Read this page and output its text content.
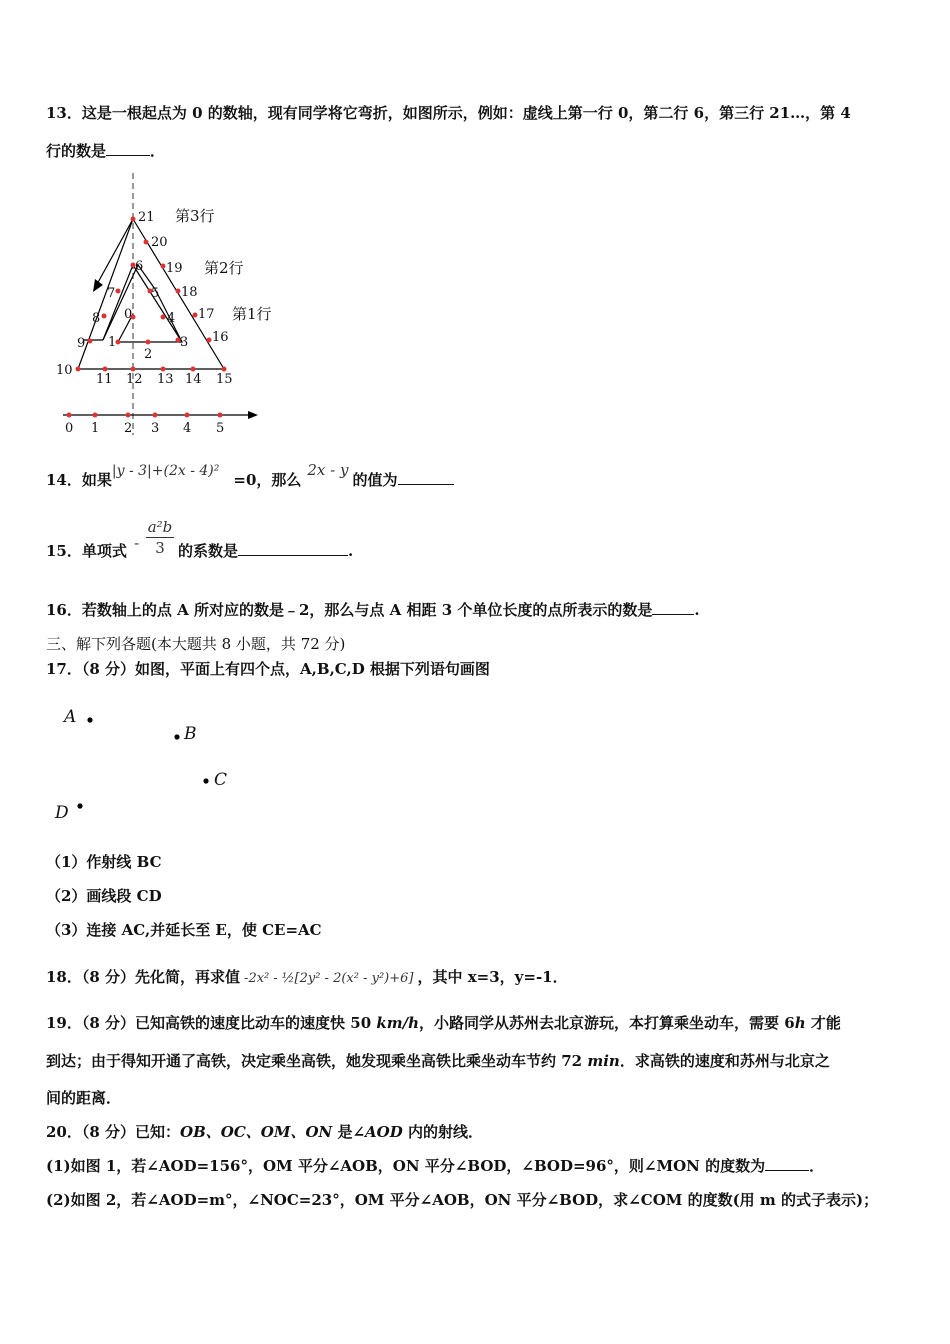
13．这是一根起点为 0 的数轴，现有同学将它弯折，如图所示，例如：虚线上第一行 0，第二行 6，第三行 21…，第 4
行的数是	．
0
1
2
3
4
5
6
7
8
9
10
11 12 13 14 15
16
17
18
19
20
21 第3行
第2行
第1行
0 1 2 3 4 5
14．如果|y - 3|+(2x - 4)² =0，那么2x - y的值为
15．单项式 - $\frac{\text{a²b}}{3}$ 的系数是	.
16．若数轴上的点 A 所对应的数是﹣2，那么与点 A 相距 3 个单位长度的点所表示的数是	.
三、解下列各题(本大题共 8 小题，共 72 分)
17．（8 分）如图，平面上有四个点，A,B,C,D 根据下列语句画图
A
B
C
D
（1）作射线 BC
（2）画线段 CD
（3）连接 AC,并延长至 E，使 CE=AC
18．（8 分）先化简，再求值 -2x² - ½[2y² - 2(x² - y²)+6] ，其中 x=3，y=-1．
19．（8 分）已知高铁的速度比动车的速度快 50 km/h，小路同学从苏州去北京游玩，本打算乘坐动车，需要 6h 才能
到达；由于得知开通了高铁，决定乘坐高铁，她发现乘坐高铁比乘坐动车节约 72 min．求高铁的速度和苏州与北京之
间的距离．
20．（8 分）已知：OB、OC、OM、ON 是∠AOD 内的射线．
(1)如图 1，若∠AOD=156°，OM 平分∠AOB，ON 平分∠BOD，∠BOD=96°，则∠MON 的度数为	．
(2)如图 2，若∠AOD=m°，∠NOC=23°，OM 平分∠AOB，ON 平分∠BOD，求∠COM 的度数(用 m 的式子表示)；
